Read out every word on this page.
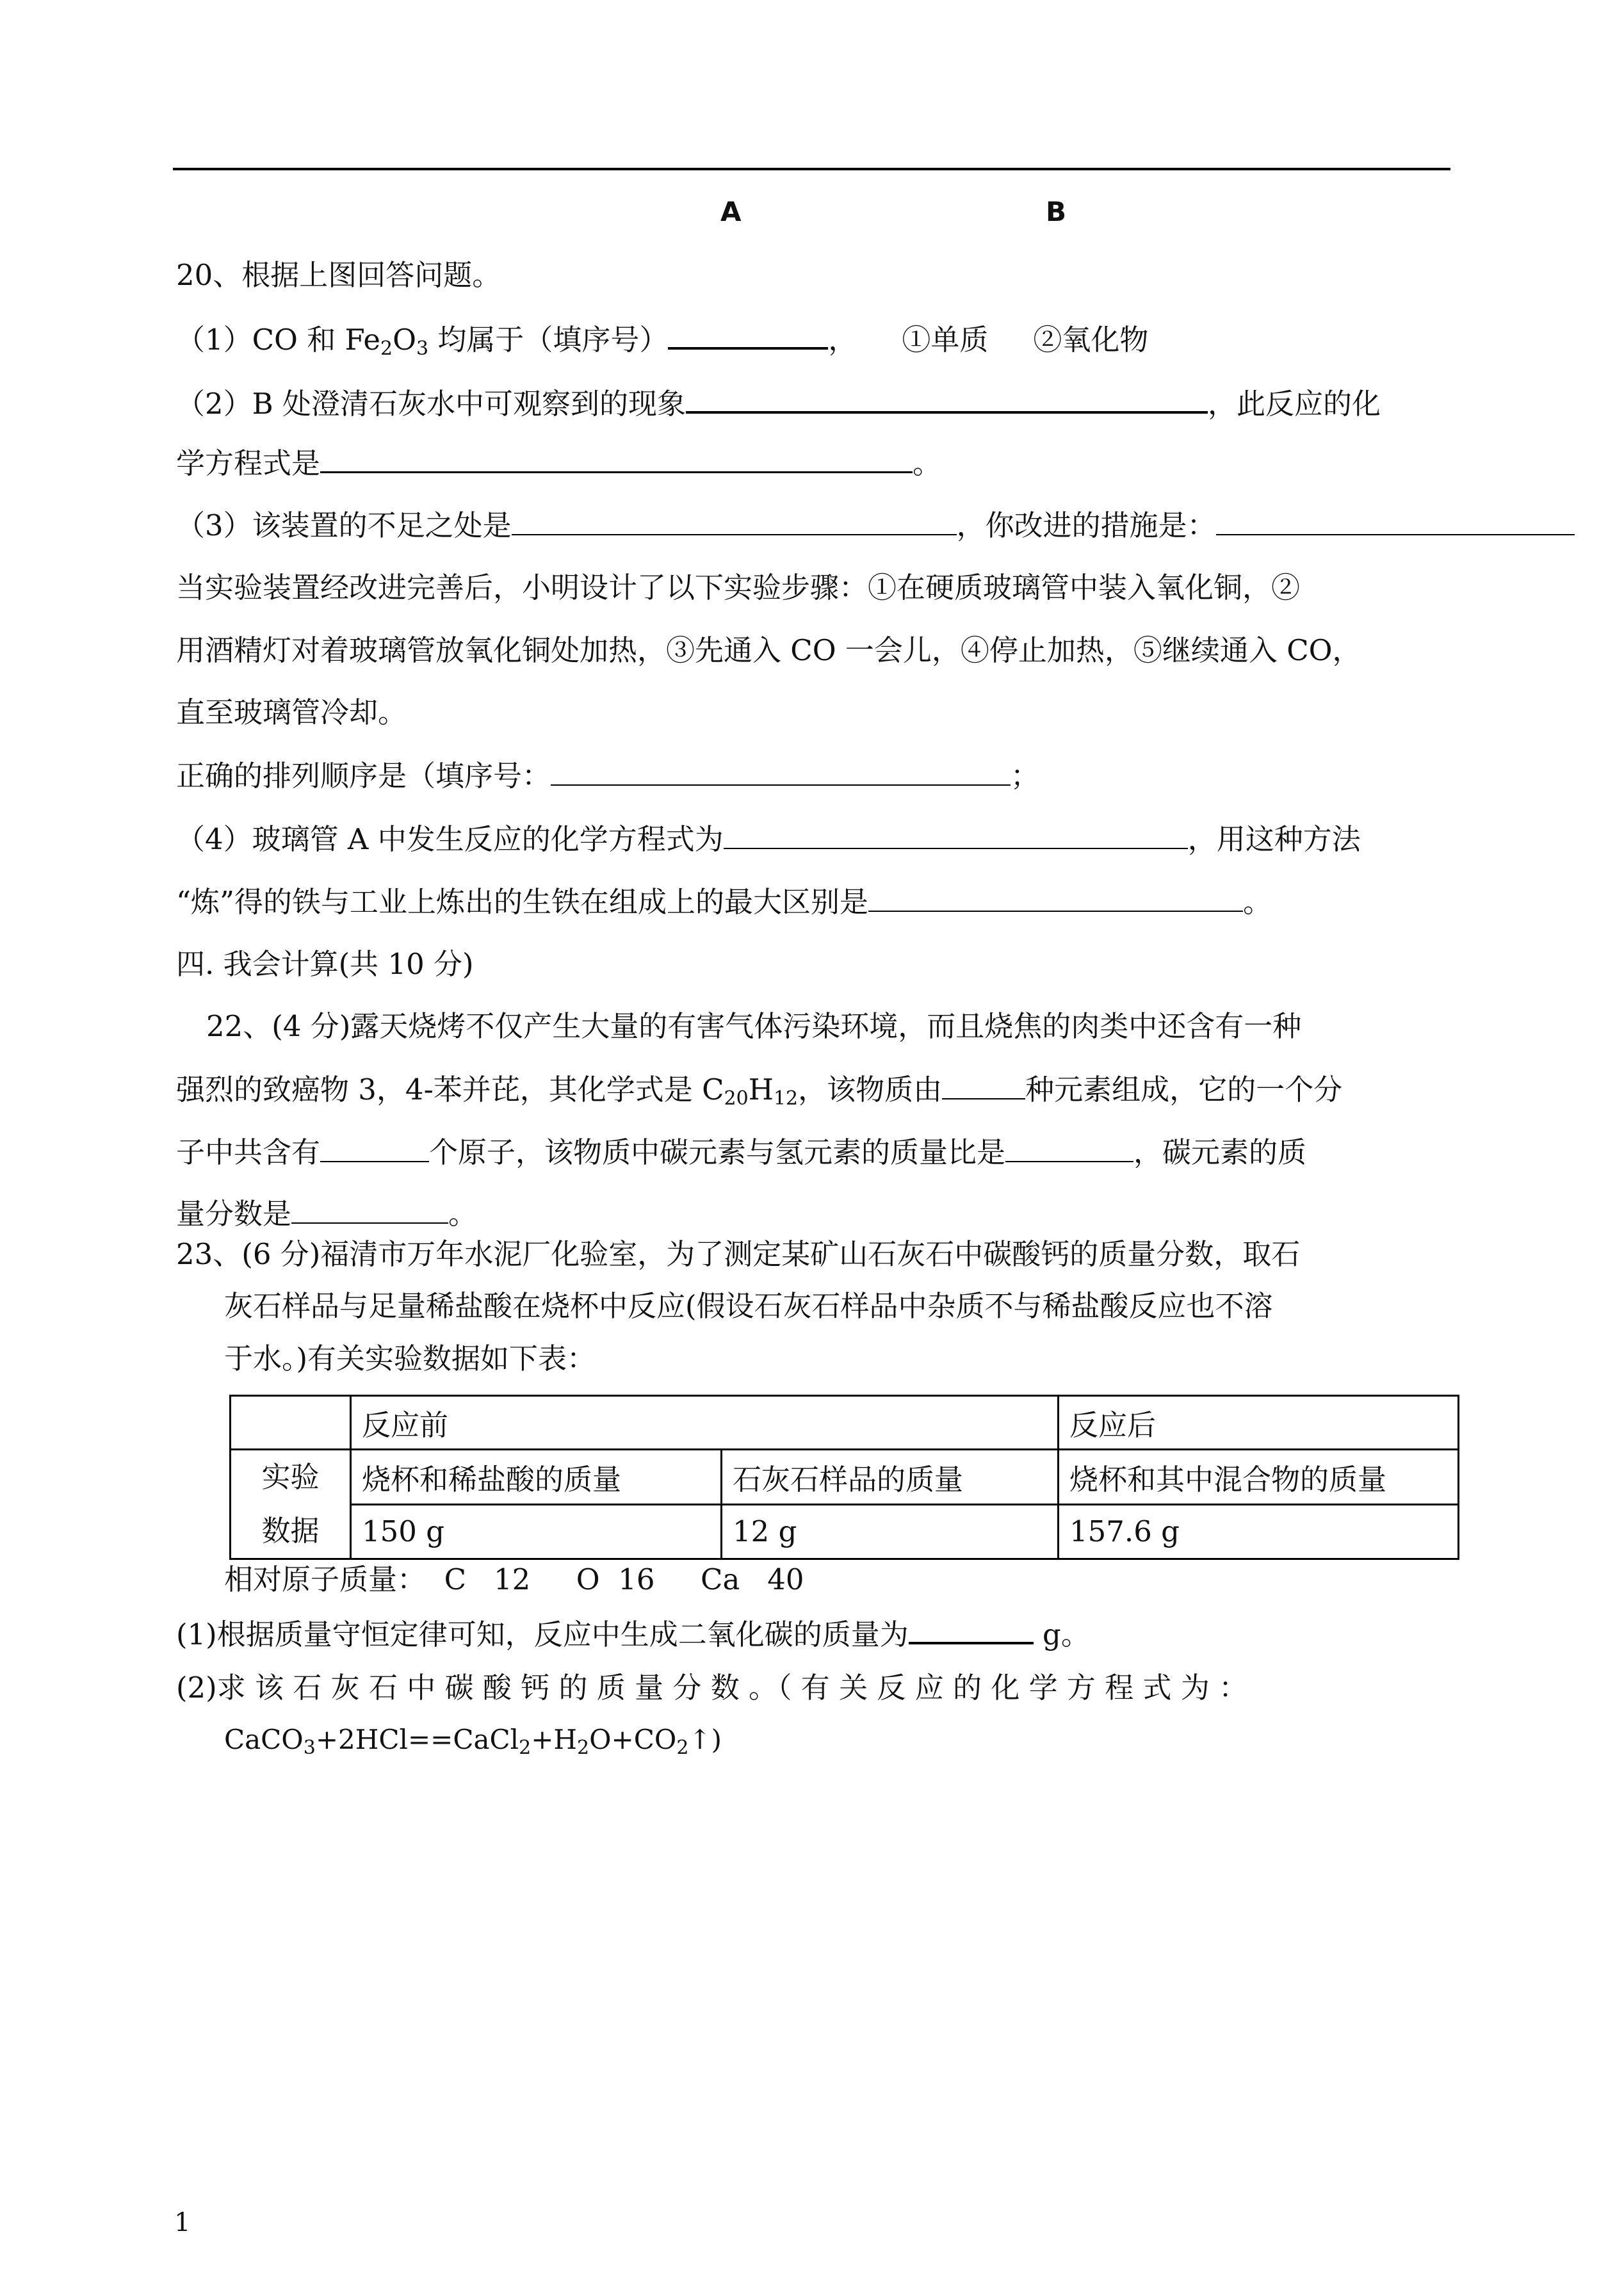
A	B
20、根据上图回答问题。
（1）CO 和 $Fe_2O_3$ 均属于（填序号）	， ①单质 ②氧化物
（2）B 处澄清石灰水中可观察到的现象	，此反应的化
学方程式是	。
（3）该装置的不足之处是	，你改进的措施是：
当实验装置经改进完善后，小明设计了以下实验步骤：①在硬质玻璃管中装入氧化铜，②
用酒精灯对着玻璃管放氧化铜处加热，③先通入 CO 一会儿，④停止加热，⑤继续通入 CO，
直至玻璃管冷却。
正确的排列顺序是（填序号：	；
（4）玻璃管 A 中发生反应的化学方程式为	，用这种方法
“炼”得的铁与工业上炼出的生铁在组成上的最大区别是	。
四. 我会计算(共 10 分)
22、(4 分)露天烧烤不仅产生大量的有害气体污染环境，而且烧焦的肉类中还含有一种
强烈的致癌物 3，4-苯并芘，其化学式是 $C_{20}H_{12}$，该物质由	种元素组成，它的一个分
子中共含有	个原子，该物质中碳元素与氢元素的质量比是	，碳元素的质
量分数是	。
23、(6 分)福清市万年水泥厂化验室，为了测定某矿山石灰石中碳酸钙的质量分数，取石
灰石样品与足量稀盐酸在烧杯中反应(假设石灰石样品中杂质不与稀盐酸反应也不溶
于水。)有关实验数据如下表：
	反应前		反应后
实验
数据	烧杯和稀盐酸的质量	石灰石样品的质量	烧杯和其中混合物的质量
	150 g	12 g	157.6 g
相对原子质量：  C   12     O  16     Ca   40
(1)根据质量守恒定律可知，反应中生成二氧化碳的质量为	g。
(2)求 该 石 灰 石 中 碳 酸 钙 的 质 量 分 数 。（ 有 关 反 应 的 化 学 方 程 式 为 ：
$CaCO_3+2HCl==CaCl_2+H_2O+CO_2↑$)
1
